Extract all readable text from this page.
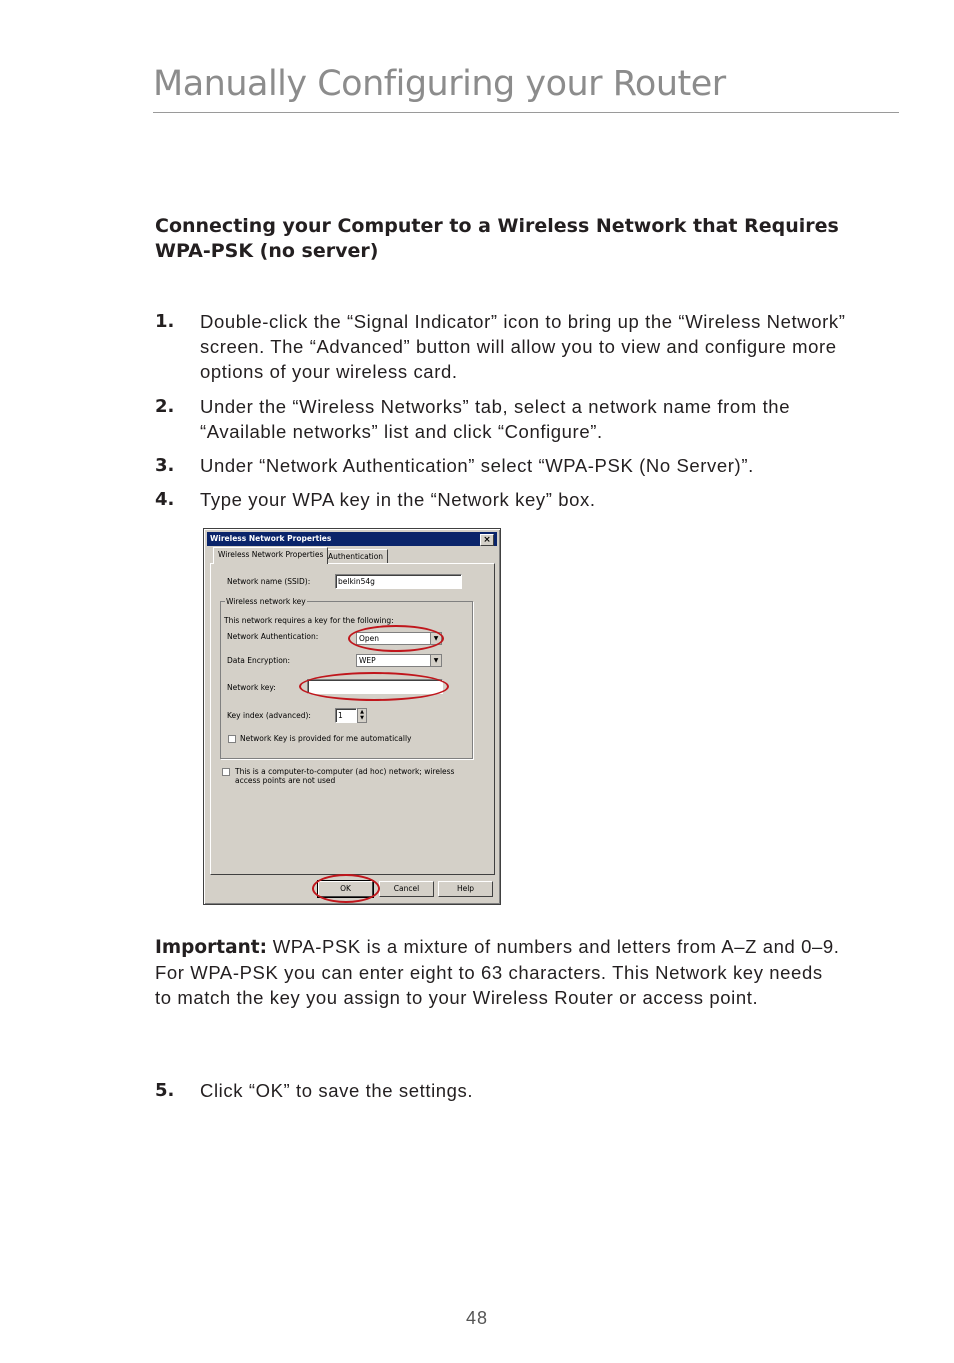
Manually Configuring your Router
Connecting your Computer to a Wireless Network that Requires WPA-PSK (no server)
1. Double-click the “Signal Indicator” icon to bring up the “Wireless Network” screen. The “Advanced” button will allow you to view and configure more options of your wireless card.
2. Under the “Wireless Networks” tab, select a network name from the “Available networks” list and click “Configure”.
3. Under “Network Authentication” select “WPA-PSK (No Server)”.
4. Type your WPA key in the “Network key” box.
Wireless Network Properties	×
Wireless Network Properties Authentication
Network name (SSID):	belkin54g
Wireless network key
This network requires a key for the following:
Network Authentication:	Open	▼
Data Encryption:	WEP	▼
Network key:
Key index (advanced):	1	▲
▼
Network Key is provided for me automatically
This is a computer-to-computer (ad hoc) network; wireless access points are not used
OK	Cancel	Help
Important: WPA-PSK is a mixture of numbers and letters from A–Z and 0–9. For WPA-PSK you can enter eight to 63 characters. This Network key needs to match the key you assign to your Wireless Router or access point.
5. Click “OK” to save the settings.
48
